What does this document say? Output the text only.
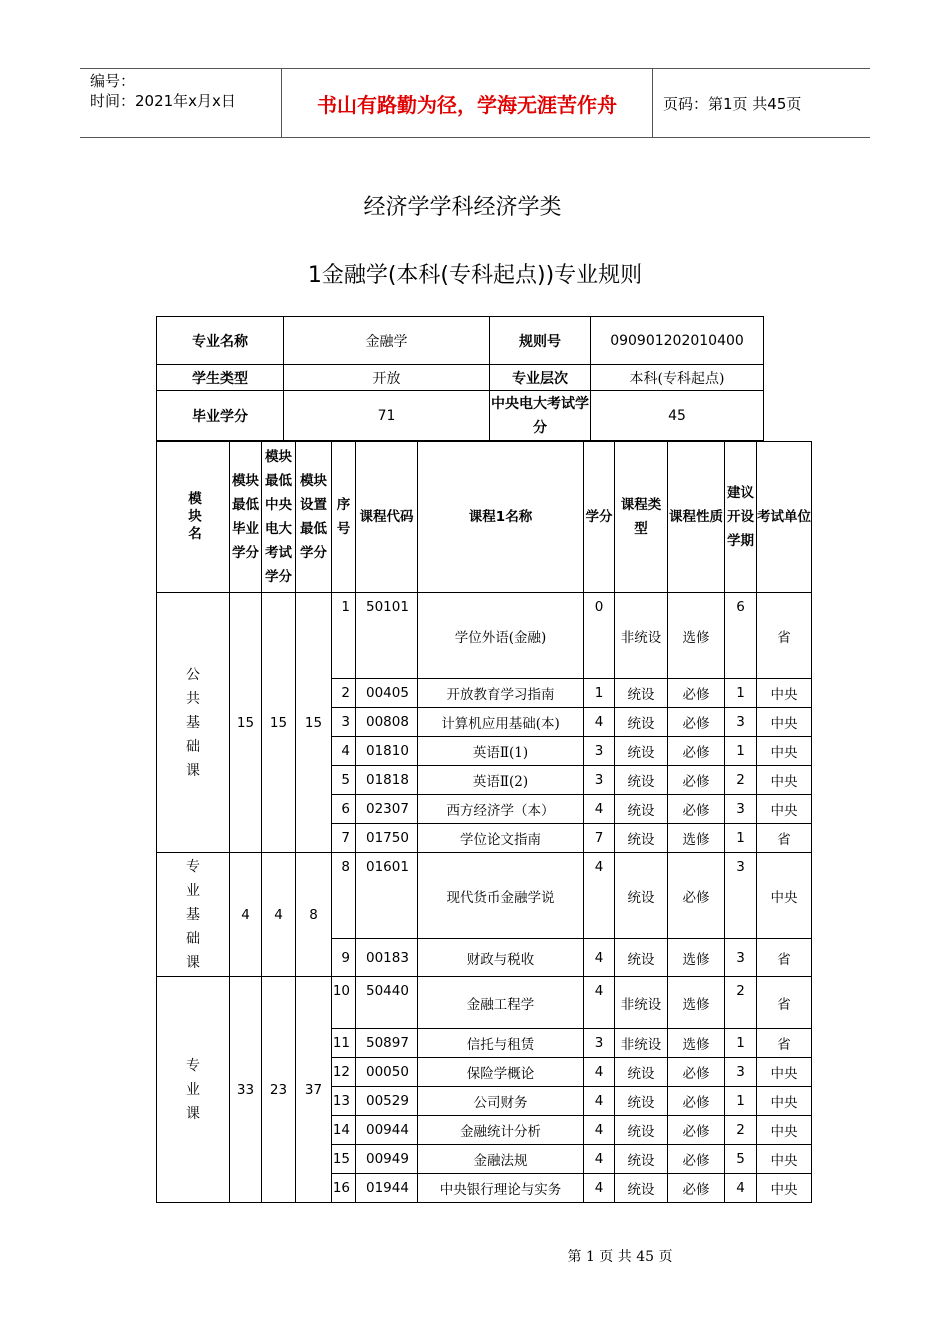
编号：
时间：2021年x月x日	书山有路勤为径，学海无涯苦作舟	页码：第1页 共45页
经济学学科经济学类
1金融学(本科(专科起点))专业规则
专业名称	金融学	规则号	090901202010400
学生类型	开放	专业层次	本科(专科起点)
毕业学分	71	中央电大考试学分	45
模块名	模块最低毕业学分	模块最低中央电大考试学分	模块设置最低学分	序号	课程代码	课程1名称	学分	课程类型	课程性质	建议开设学期	考试单位

公
共
基
础
课	15	15	15	1	50101	学位外语(金融)	0	非统设	选修	6	省
				2	00405	开放教育学习指南	1	统设	必修	1	中央
				3	00808	计算机应用基础(本)	4	统设	必修	3	中央
				4	01810	英语Ⅱ(1)	3	统设	必修	1	中央
				5	01818	英语Ⅱ(2)	3	统设	必修	2	中央
				6	02307	西方经济学（本）	4	统设	必修	3	中央
				7	01750	学位论文指南	7	统设	选修	1	省

专
业
基
础
课	4	4	8	8	01601	现代货币金融学说	4	统设	必修	3	中央
				9	00183	财政与税收	4	统设	选修	3	省

专
业
课	33	23	37	10	50440	金融工程学	4	非统设	选修	2	省
				11	50897	信托与租赁	3	非统设	选修	1	省
				12	00050	保险学概论	4	统设	必修	3	中央
				13	00529	公司财务	4	统设	必修	1	中央
				14	00944	金融统计分析	4	统设	必修	2	中央
				15	00949	金融法规	4	统设	必修	5	中央
				16	01944	中央银行理论与实务	4	统设	必修	4	中央
第 1 页 共 45 页
